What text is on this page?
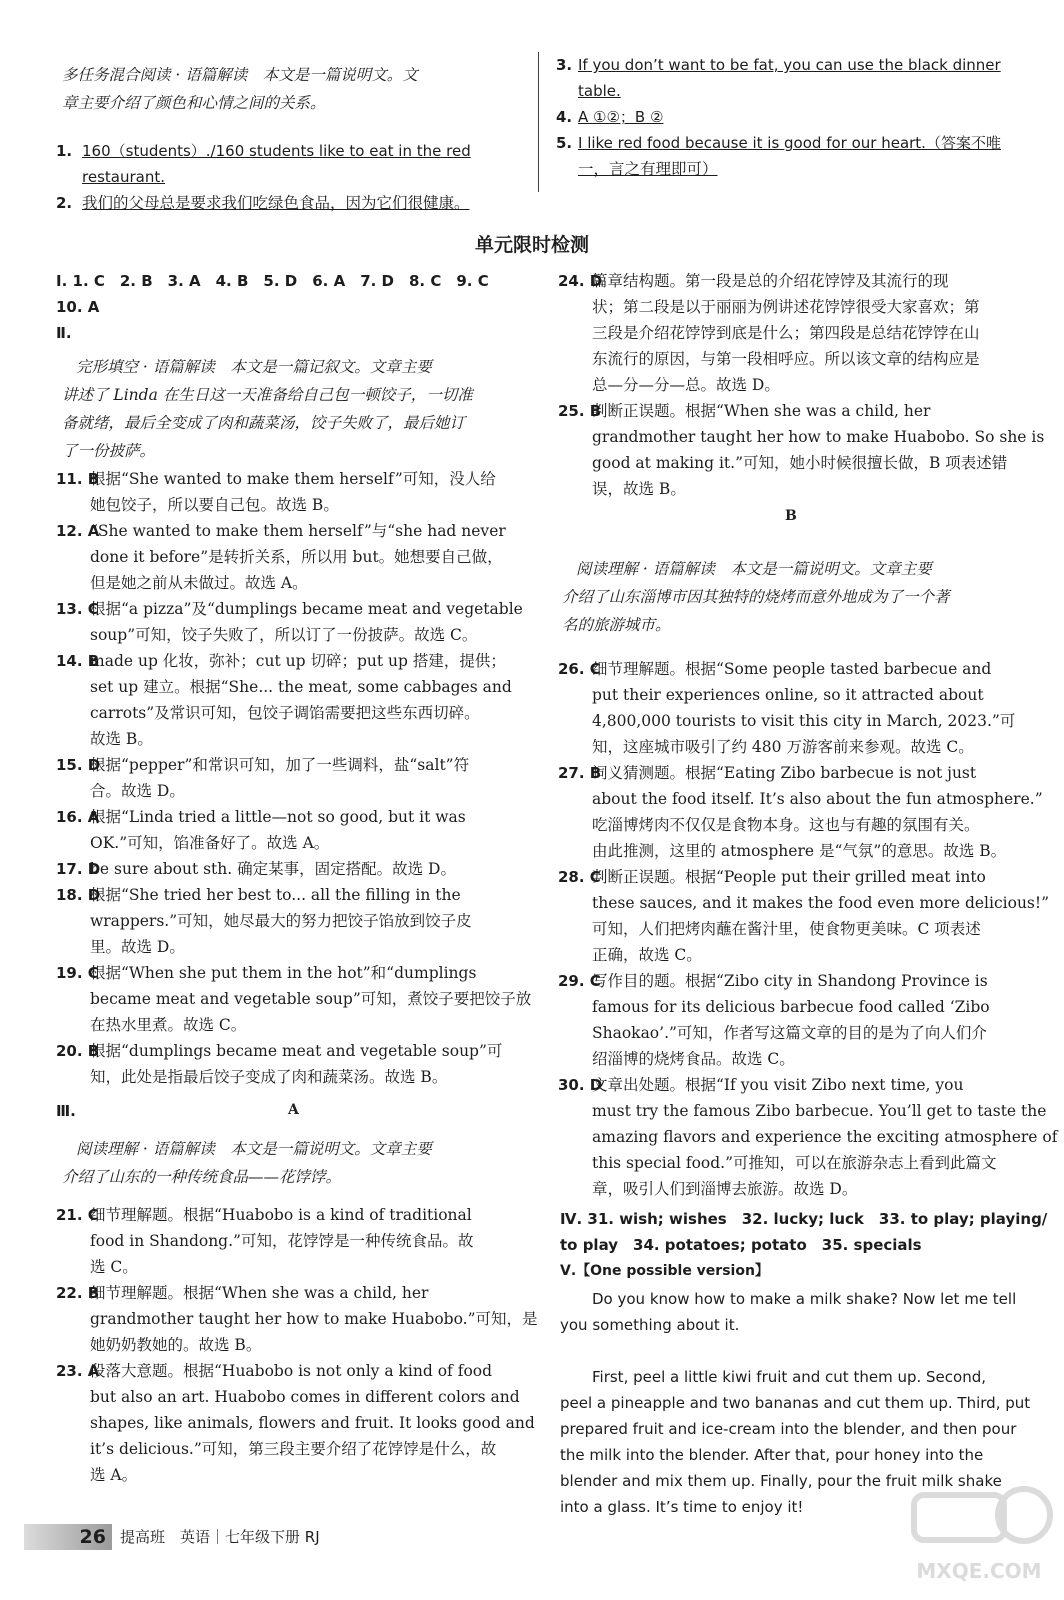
多任务混合阅读 · 语篇解读　本文是一篇说明文。文
章主要介绍了颜色和心情之间的关系。
1. 160（students）./160 students like to eat in the red
restaurant.
2. 我们的父母总是要求我们吃绿色食品，因为它们很健康。
3. If you don’t want to be fat, you can use the black dinner
table.
4. A ①②；B ②
5. I like red food because it is good for our heart.（答案不唯
一，言之有理即可）
单元限时检测
Ⅰ. 1. C　2. B　3. A　4. B　5. D　6. A　7. D　8. C　9. C
10. A
Ⅱ.
完形填空 · 语篇解读　本文是一篇记叙文。文章主要
讲述了 Linda 在生日这一天准备给自己包一顿饺子，一切准
备就绪，最后全变成了肉和蔬菜汤，饺子失败了，最后她订
了一份披萨。
11. B
根据“She wanted to make them herself”可知，没人给
她包饺子，所以要自己包。故选 B。
12. A
“She wanted to make them herself”与“she had never
done it before”是转折关系，所以用 but。她想要自己做，
但是她之前从未做过。故选 A。
13. C
根据“a pizza”及“dumplings became meat and vegetable
soup”可知，饺子失败了，所以订了一份披萨。故选 C。
14. B
made up 化妆，弥补；cut up 切碎；put up 搭建，提供；
set up 建立。根据“She... the meat, some cabbages and
carrots”及常识可知，包饺子调馅需要把这些东西切碎。
故选 B。
15. D
根据“pepper”和常识可知，加了一些调料，盐“salt”符
合。故选 D。
16. A
根据“Linda tried a little—not so good, but it was
OK.”可知，馅准备好了。故选 A。
17. D
be sure about sth. 确定某事，固定搭配。故选 D。
18. D
根据“She tried her best to... all the filling in the
wrappers.”可知，她尽最大的努力把饺子馅放到饺子皮
里。故选 D。
19. C
根据“When she put them in the hot”和“dumplings
became meat and vegetable soup”可知，煮饺子要把饺子放
在热水里煮。故选 C。
20. B
根据“dumplings became meat and vegetable soup”可
知，此处是指最后饺子变成了肉和蔬菜汤。故选 B。
Ⅲ.	A
阅读理解 · 语篇解读　本文是一篇说明文。文章主要
介绍了山东的一种传统食品——花饽饽。
21. C
细节理解题。根据“Huabobo is a kind of traditional
food in Shandong.”可知，花饽饽是一种传统食品。故
选 C。
22. B
细节理解题。根据“When she was a child, her
grandmother taught her how to make Huabobo.”可知，是
她奶奶教她的。故选 B。
23. A
段落大意题。根据“Huabobo is not only a kind of food
but also an art. Huabobo comes in different colors and
shapes, like animals, flowers and fruit. It looks good and
it’s delicious.”可知，第三段主要介绍了花饽饽是什么，故
选 A。
24. D
篇章结构题。第一段是总的介绍花饽饽及其流行的现
状；第二段是以于丽丽为例讲述花饽饽很受大家喜欢；第
三段是介绍花饽饽到底是什么；第四段是总结花饽饽在山
东流行的原因，与第一段相呼应。所以该文章的结构应是
总—分—分—总。故选 D。
25. B
判断正误题。根据“When she was a child, her
grandmother taught her how to make Huabobo. So she is
good at making it.”可知，她小时候很擅长做，B 项表述错
误，故选 B。
B
阅读理解 · 语篇解读　本文是一篇说明文。文章主要
介绍了山东淄博市因其独特的烧烤而意外地成为了一个著
名的旅游城市。
26. C
细节理解题。根据“Some people tasted barbecue and
put their experiences online, so it attracted about
4,800,000 tourists to visit this city in March, 2023.”可
知，这座城市吸引了约 480 万游客前来参观。故选 C。
27. B
词义猜测题。根据“Eating Zibo barbecue is not just
about the food itself. It’s also about the fun atmosphere.”
吃淄博烤肉不仅仅是食物本身。这也与有趣的氛围有关。
由此推测，这里的 atmosphere 是“气氛”的意思。故选 B。
28. C
判断正误题。根据“People put their grilled meat into
these sauces, and it makes the food even more delicious!”
可知，人们把烤肉蘸在酱汁里，使食物更美味。C 项表述
正确，故选 C。
29. C
写作目的题。根据“Zibo city in Shandong Province is
famous for its delicious barbecue food called ‘Zibo
Shaokao’.”可知，作者写这篇文章的目的是为了向人们介
绍淄博的烧烤食品。故选 C。
30. D
文章出处题。根据“If you visit Zibo next time, you
must try the famous Zibo barbecue. You’ll get to taste the
amazing flavors and experience the exciting atmosphere of
this special food.”可推知，可以在旅游杂志上看到此篇文
章，吸引人们到淄博去旅游。故选 D。
Ⅳ. 31. wish; wishes　32. lucky; luck　33. to play; playing/
to play　34. potatoes; potato　35. specials
Ⅴ.【One possible version】
Do you know how to make a milk shake? Now let me tell
you something about it.
First, peel a little kiwi fruit and cut them up. Second,
peel a pineapple and two bananas and cut them up. Third, put
prepared fruit and ice-cream into the blender, and then pour
the milk into the blender. After that, pour honey into the
blender and mix them up. Finally, pour the fruit milk shake
into a glass. It’s time to enjoy it!
26 提高班　英语｜七年级下册 RJ
MXQE.COM
